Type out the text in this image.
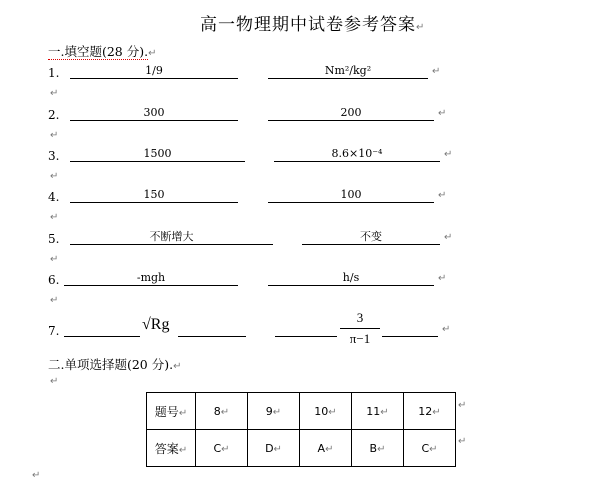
高一物理期中试卷参考答案↵
一.填空题(28 分).↵
1.	1/9	Nm²/kg²	↵
↵
2.	300	200	↵
↵
3.	1500	8.6×10⁻⁴	↵
↵
4.	150	100	↵
↵
5.	不断增大	不变	↵
↵
6.	-mgh	h/s	↵
↵
7.	√Rg	3
π−1
↵
二.单项选择题(20 分).↵
↵
题号↵	8↵	9↵	10↵	11↵	12↵
答案↵	C↵	D↵	A↵	B↵	C↵
↵
↵
↵
